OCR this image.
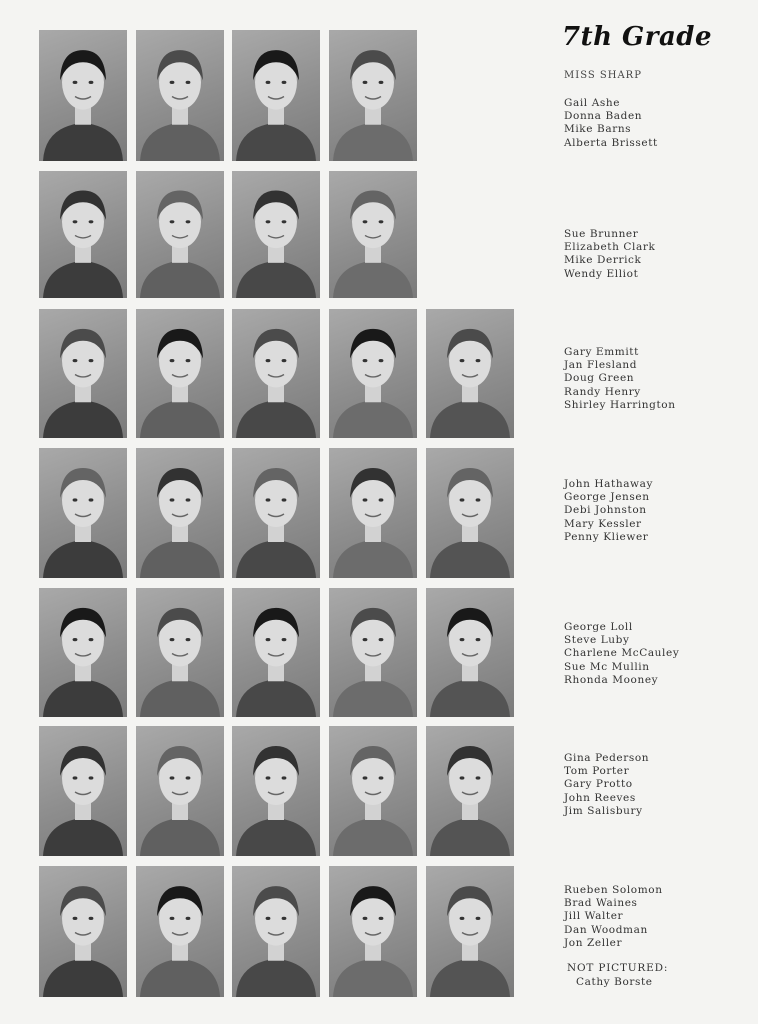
7th Grade
MISS SHARP
Gail Ashe
Donna Baden
Mike Barns
Alberta Brissett
Sue Brunner
Elizabeth Clark
Mike Derrick
Wendy Elliot
Gary Emmitt
Jan Flesland
Doug Green
Randy Henry
Shirley Harrington
John Hathaway
George Jensen
Debi Johnston
Mary Kessler
Penny Kliewer
George Loll
Steve Luby
Charlene McCauley
Sue Mc Mullin
Rhonda Mooney
Gina Pederson
Tom Porter
Gary Protto
John Reeves
Jim Salisbury
Rueben Solomon
Brad Waines
Jill Walter
Dan Woodman
Jon Zeller
NOT PICTURED:
Cathy Borste
